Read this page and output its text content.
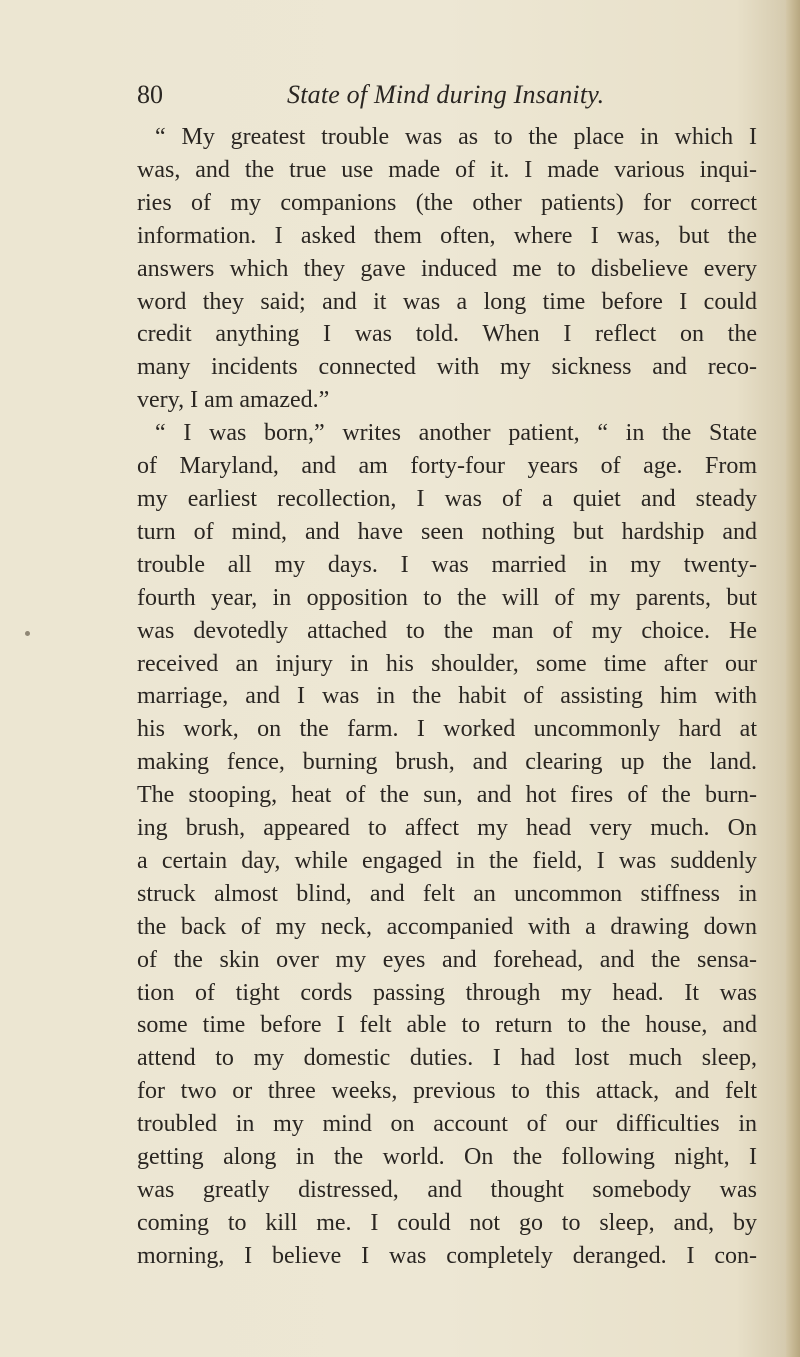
80	State of Mind during Insanity.
“ My greatest trouble was as to the place in which I
was, and the true use made of it. I made various inqui-
ries of my companions (the other patients) for correct
information. I asked them often, where I was, but the
answers which they gave induced me to disbelieve every
word they said; and it was a long time before I could
credit anything I was told. When I reflect on the
many incidents connected with my sickness and reco-
very, I am amazed.”
“ I was born,” writes another patient, “ in the State
of Maryland, and am forty-four years of age. From
my earliest recollection, I was of a quiet and steady
turn of mind, and have seen nothing but hardship and
trouble all my days. I was married in my twenty-
fourth year, in opposition to the will of my parents, but
was devotedly attached to the man of my choice. He
received an injury in his shoulder, some time after our
marriage, and I was in the habit of assisting him with
his work, on the farm. I worked uncommonly hard at
making fence, burning brush, and clearing up the land.
The stooping, heat of the sun, and hot fires of the burn-
ing brush, appeared to affect my head very much. On
a certain day, while engaged in the field, I was suddenly
struck almost blind, and felt an uncommon stiffness in
the back of my neck, accompanied with a drawing down
of the skin over my eyes and forehead, and the sensa-
tion of tight cords passing through my head. It was
some time before I felt able to return to the house, and
attend to my domestic duties. I had lost much sleep,
for two or three weeks, previous to this attack, and felt
troubled in my mind on account of our difficulties in
getting along in the world. On the following night, I
was greatly distressed, and thought somebody was
coming to kill me. I could not go to sleep, and, by
morning, I believe I was completely deranged. I con-
